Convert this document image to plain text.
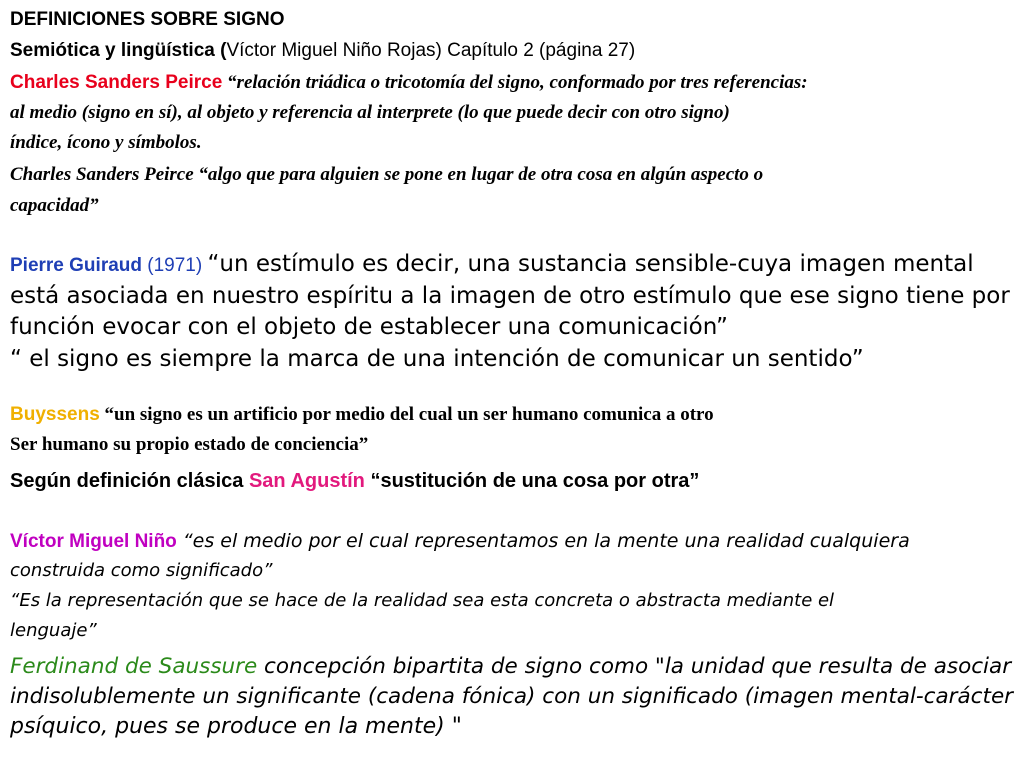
DEFINICIONES SOBRE SIGNO
Semiótica y lingüística (Víctor Miguel Niño Rojas) Capítulo 2 (página 27)
Charles Sanders Peirce “relación triádica o tricotomía del signo, conformado por tres referencias:
al medio (signo en sí), al objeto y referencia al interprete (lo que puede decir con otro signo)
índice, ícono y símbolos.
Charles Sanders Peirce “algo que para alguien se pone en lugar de otra cosa en algún aspecto o
capacidad”
Pierre Guiraud (1971) “un estímulo es decir, una sustancia sensible-cuya imagen mental
está asociada en nuestro espíritu a la imagen de otro estímulo que ese signo tiene por
función evocar con el objeto de establecer una comunicación”
“ el signo es siempre la marca de una intención de comunicar un sentido”
Buyssens “un signo es un artificio por medio del cual un ser humano comunica a otro
Ser humano su propio estado de conciencia”
Según definición clásica San Agustín “sustitución de una cosa por otra”
Víctor Miguel Niño “es el medio por el cual representamos en la mente una realidad cualquiera
construida como significado”
“Es la representación que se hace de la realidad sea esta concreta o abstracta mediante el
lenguaje”
Ferdinand de Saussure concepción bipartita de signo como "la unidad que resulta de asociar
indisolublemente un significante (cadena fónica) con un significado (imagen mental-carácter
psíquico, pues se produce en la mente) "
